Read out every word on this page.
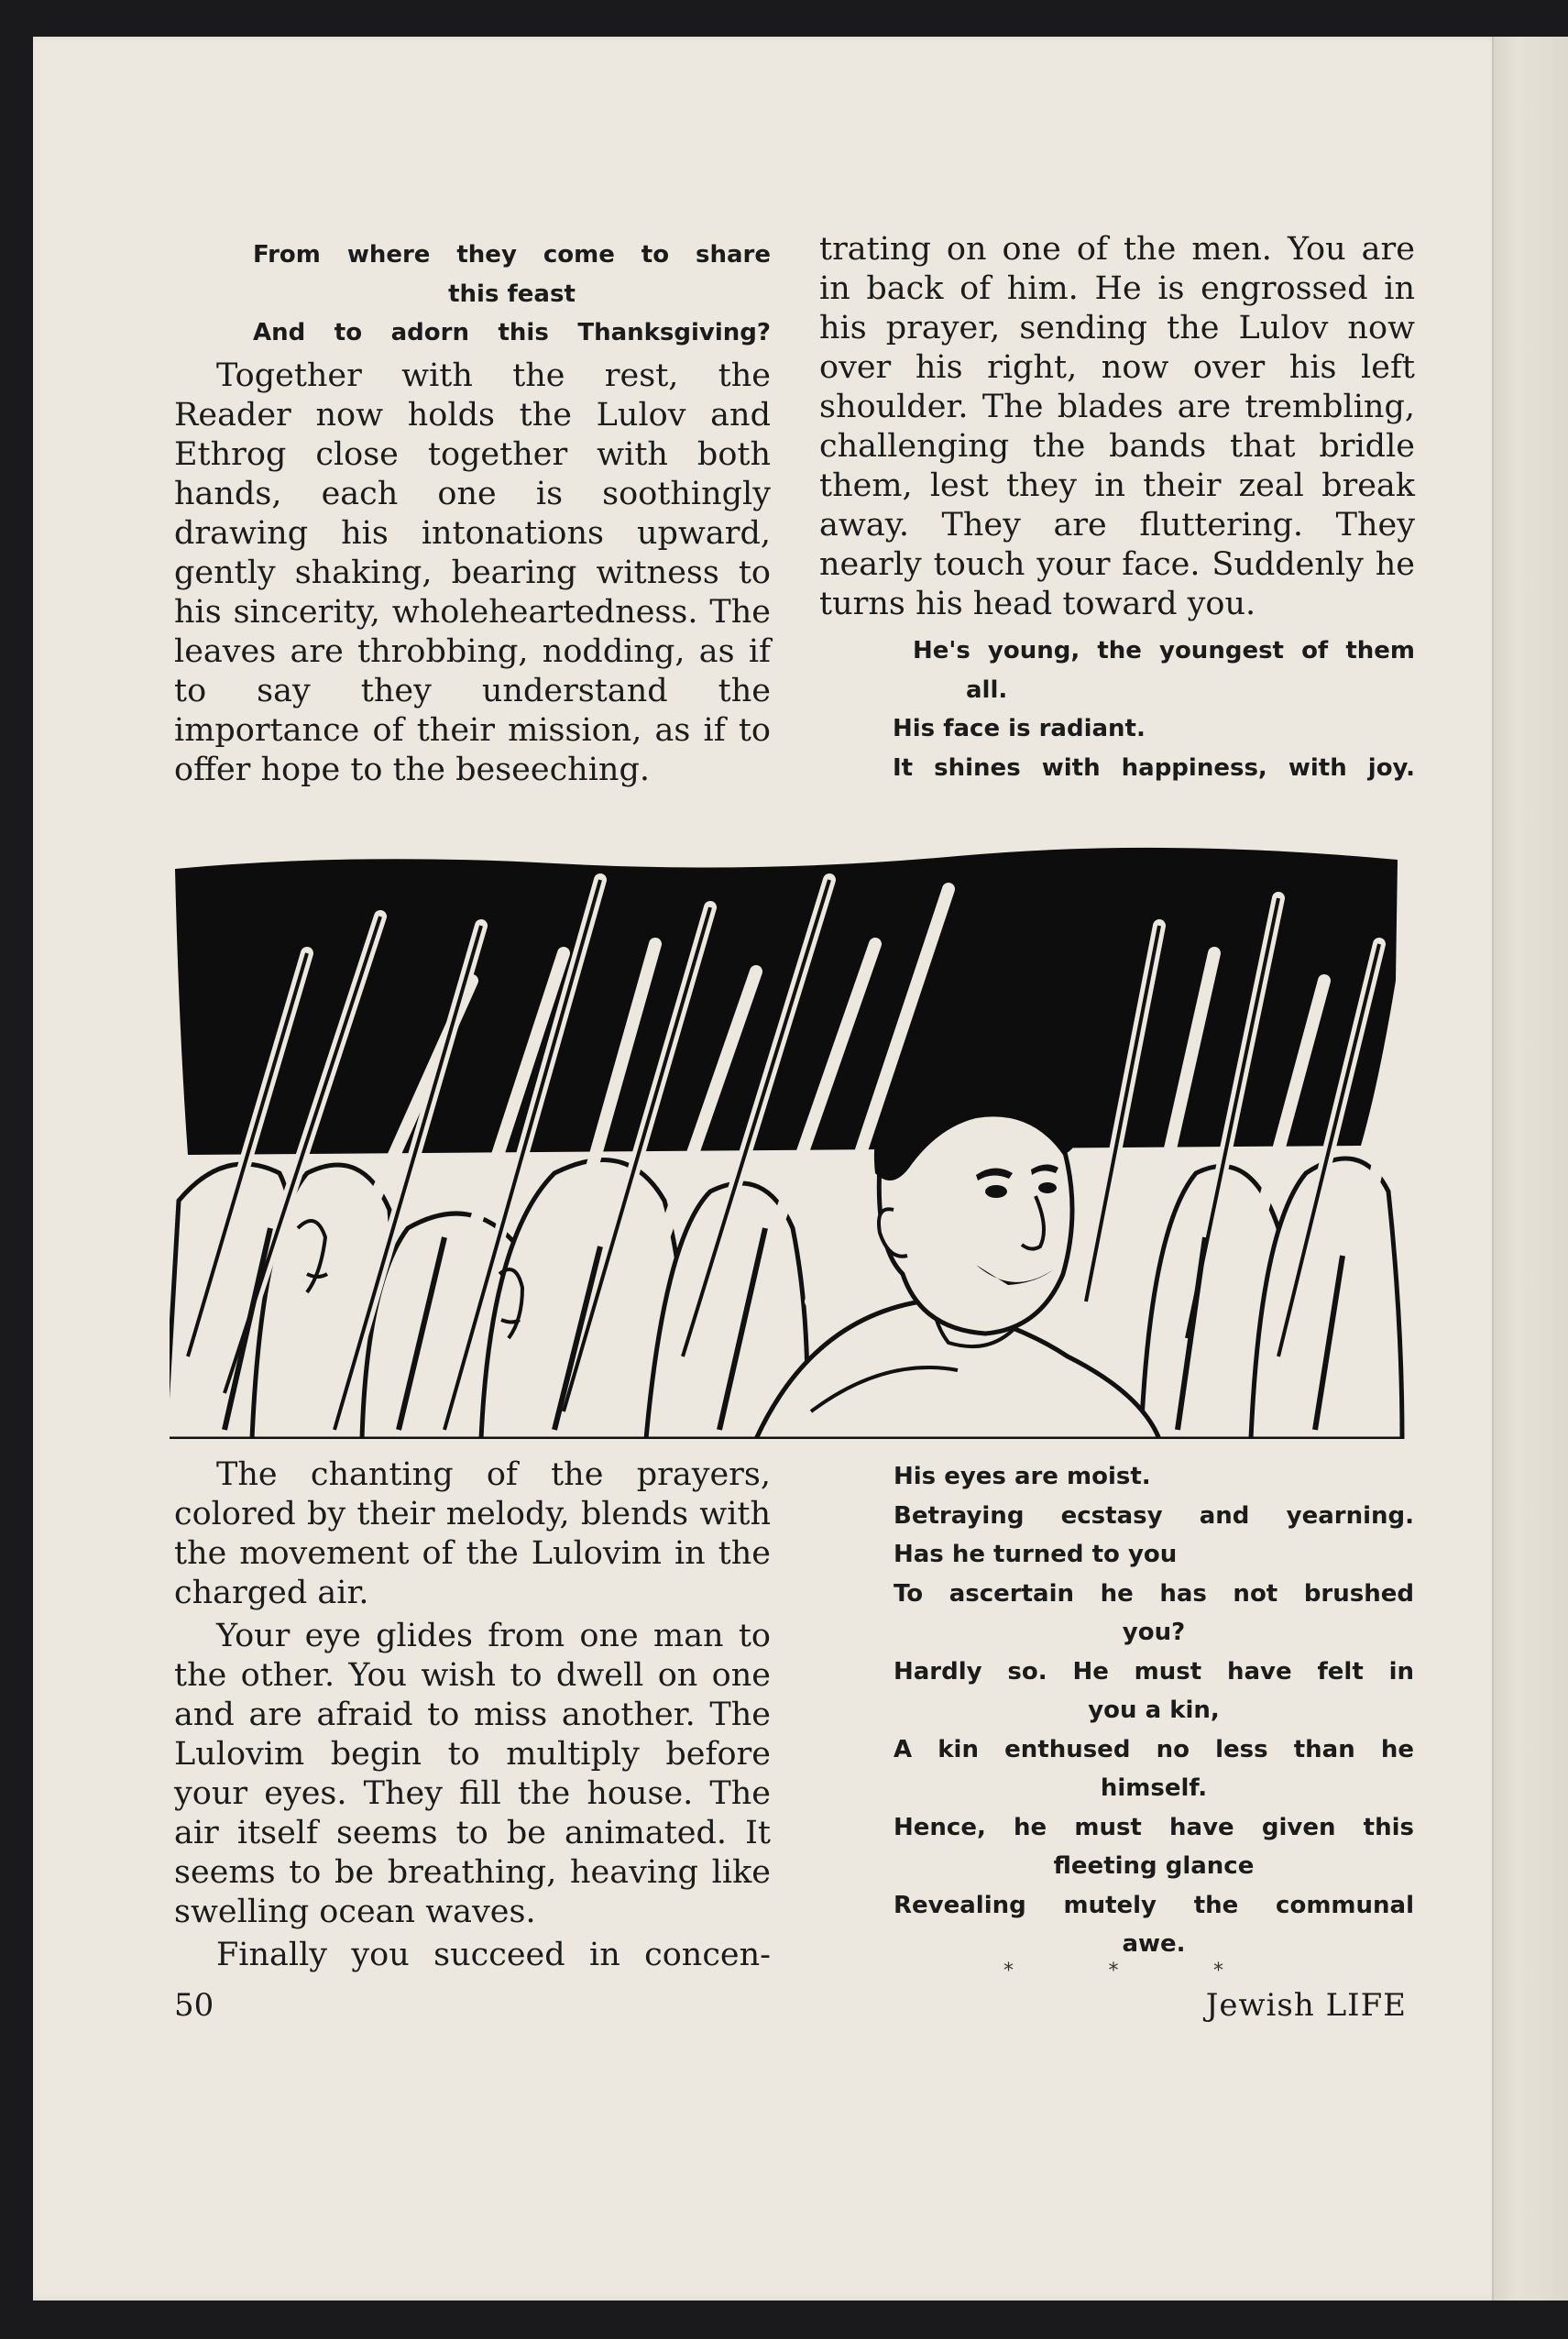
From where they come to share
this feast
And to adorn this Thanksgiving?

Together with the rest, the Reader now holds the Lulov and Ethrog close together with both hands, each one is soothingly drawing his intonations upward, gently shaking, bearing witness to his sincerity, wholeheartedness. The leaves are throbbing, nodding, as if to say they understand the importance of their mission, as if to offer hope to the beseeching.

trating on one of the men. You are in back of him. He is engrossed in his prayer, sending the Lulov now over his right, now over his left shoulder. The blades are trembling, challenging the bands that bridle them, lest they in their zeal break away. They are fluttering. They nearly touch your face. Suddenly he turns his head toward you.

He's young, the youngest of them
all.
His face is radiant.
It shines with happiness, with joy.

The chanting of the prayers, colored by their melody, blends with the movement of the Lulovim in the charged air.

Your eye glides from one man to the other. You wish to dwell on one and are afraid to miss another. The Lulovim begin to multiply before your eyes. They fill the house. The air itself seems to be animated. It seems to be breathing, heaving like swelling ocean waves.

Finally you succeed in concen-

His eyes are moist.
Betraying ecstasy and yearning.
Has he turned to you
To ascertain he has not brushed
you?
Hardly so. He must have felt in
you a kin,
A kin enthused no less than he
himself.
Hence, he must have given this
fleeting glance
Revealing mutely the communal
awe.
*	*	*
50	Jewish LIFE
